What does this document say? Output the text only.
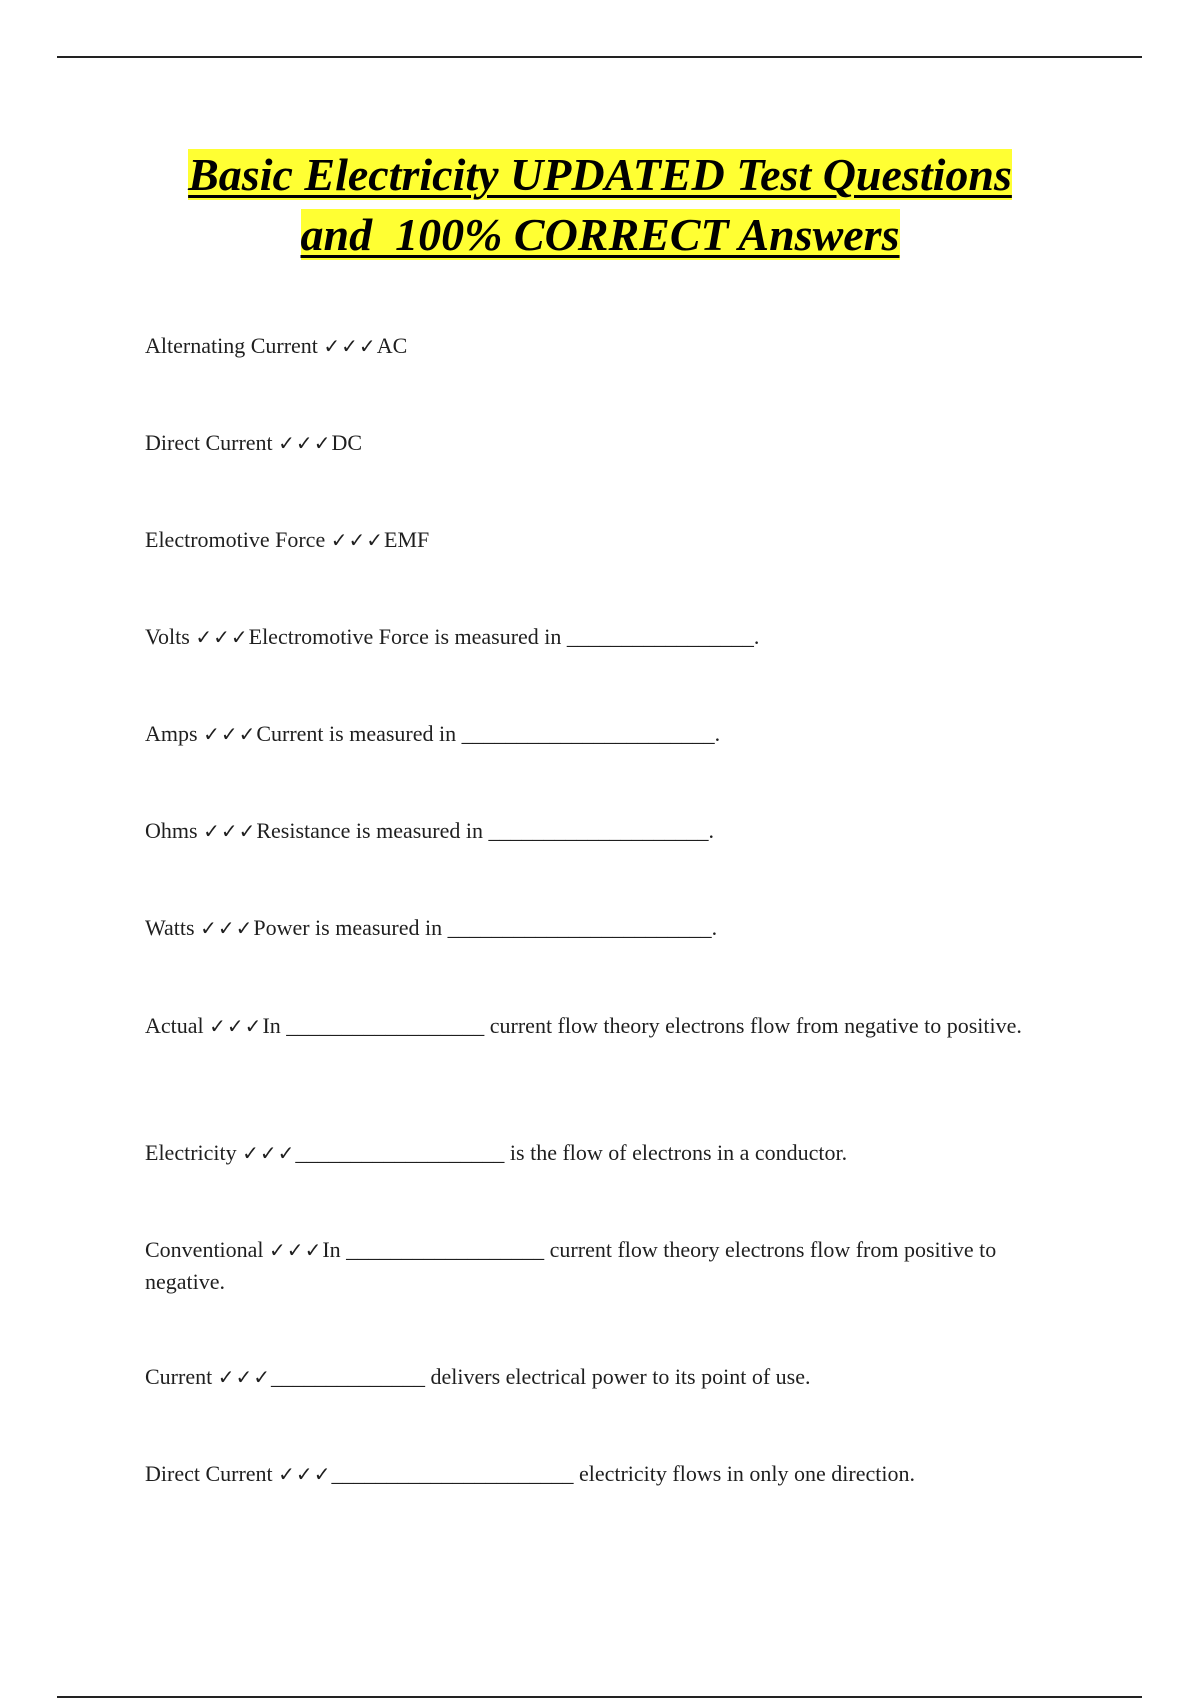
Basic Electricity UPDATED Test Questions
and  100% CORRECT Answers
Alternating Current ✓✓✓AC
Direct Current ✓✓✓DC
Electromotive Force ✓✓✓EMF
Volts ✓✓✓Electromotive Force is measured in _________________.
Amps ✓✓✓Current is measured in _______________________.
Ohms ✓✓✓Resistance is measured in ____________________.
Watts ✓✓✓Power is measured in ________________________.
Actual ✓✓✓In __________________ current flow theory electrons flow from negative to positive.
Electricity ✓✓✓___________________ is the flow of electrons in a conductor.
Conventional ✓✓✓In __________________ current flow theory electrons flow from positive to negative.
Current ✓✓✓______________ delivers electrical power to its point of use.
Direct Current ✓✓✓______________________ electricity flows in only one direction.
